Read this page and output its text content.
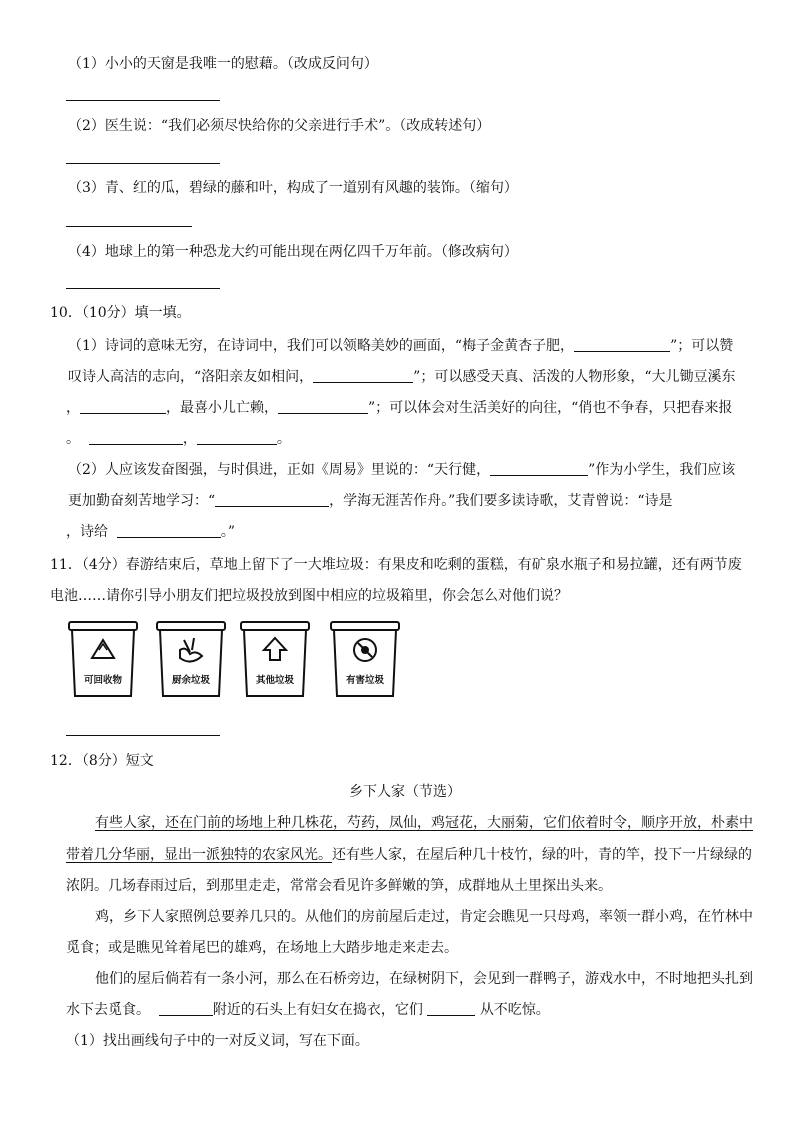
（1）小小的天窗是我唯一的慰藉。（改成反问句）
（2）医生说：“我们必须尽快给你的父亲进行手术”。（改成转述句）
（3）青、红的瓜，碧绿的藤和叶，构成了一道别有风趣的装饰。（缩句）
（4）地球上的第一种恐龙大约可能出现在两亿四千万年前。（修改病句）
10．（10分）填一填。
（1）诗词的意味无穷，在诗词中，我们可以领略美妙的画面，“梅子金黄杏子肥，	”；可以赞
叹诗人高洁的志向，“洛阳亲友如相问，	”；可以感受天真、活泼的人物形象，“大儿锄豆溪东
，	，最喜小儿亡赖，	”；可以体会对生活美好的向往，“俏也不争春，只把春来报
。	，	。
（2）人应该发奋图强，与时俱进，正如《周易》里说的：“天行健，	”作为小学生，我们应该
更加勤奋刻苦地学习：“	，学海无涯苦作舟。”我们要多读诗歌，艾青曾说：“诗是
，诗给	。”
11．（4分）春游结束后，草地上留下了一大堆垃圾：有果皮和吃剩的蛋糕，有矿泉水瓶子和易拉罐，还有两节废
电池……请你引导小朋友们把垃圾投放到图中相应的垃圾箱里，你会怎么对他们说？
可回收物	厨余垃圾	其他垃圾	有害垃圾
12．（8分）短文
乡下人家（节选）
有些人家，还在门前的场地上种几株花，芍药，凤仙，鸡冠花，大丽菊，它们依着时令，顺序开放，朴素中
带着几分华丽，显出一派独特的农家风光。还有些人家，在屋后种几十枝竹，绿的叶，青的竿，投下一片绿绿的
浓阴。几场春雨过后，到那里走走，常常会看见许多鲜嫩的笋，成群地从土里探出头来。
鸡，乡下人家照例总要养几只的。从他们的房前屋后走过，肯定会瞧见一只母鸡，率领一群小鸡，在竹林中
觅食；或是瞧见耸着尾巴的雄鸡，在场地上大踏步地走来走去。
他们的屋后倘若有一条小河，那么在石桥旁边，在绿树阴下，会见到一群鸭子，游戏水中，不时地把头扎到
水下去觅食。	附近的石头上有妇女在捣衣，它们	从不吃惊。
（1）找出画线句子中的一对反义词，写在下面。
